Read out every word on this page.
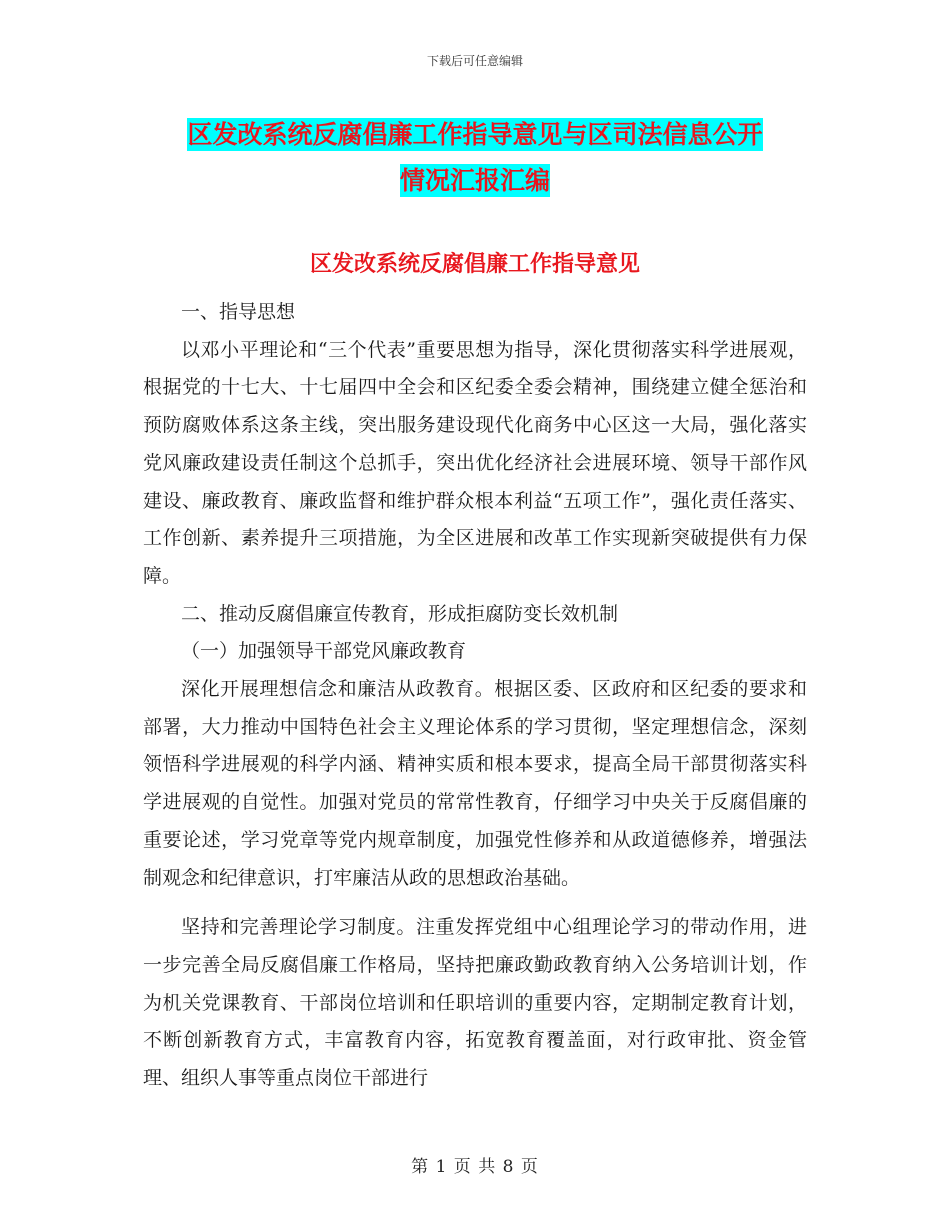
下载后可任意编辑
区发改系统反腐倡廉工作指导意见与区司法信息公开
情况汇报汇编
区发改系统反腐倡廉工作指导意见

一、指导思想

以邓小平理论和“三个代表”重要思想为指导，深化贯彻落实科学进展观，根据党的十七大、十七届四中全会和区纪委全委会精神，围绕建立健全惩治和预防腐败体系这条主线，突出服务建设现代化商务中心区这一大局，强化落实党风廉政建设责任制这个总抓手，突出优化经济社会进展环境、领导干部作风建设、廉政教育、廉政监督和维护群众根本利益“五项工作”，强化责任落实、工作创新、素养提升三项措施，为全区进展和改革工作实现新突破提供有力保障。

二、推动反腐倡廉宣传教育，形成拒腐防变长效机制

（一）加强领导干部党风廉政教育

深化开展理想信念和廉洁从政教育。根据区委、区政府和区纪委的要求和部署，大力推动中国特色社会主义理论体系的学习贯彻，坚定理想信念，深刻领悟科学进展观的科学内涵、精神实质和根本要求，提高全局干部贯彻落实科学进展观的自觉性。加强对党员的常常性教育，仔细学习中央关于反腐倡廉的重要论述，学习党章等党内规章制度，加强党性修养和从政道德修养，增强法制观念和纪律意识，打牢廉洁从政的思想政治基础。

坚持和完善理论学习制度。注重发挥党组中心组理论学习的带动作用，进一步完善全局反腐倡廉工作格局，坚持把廉政勤政教育纳入公务培训计划，作为机关党课教育、干部岗位培训和任职培训的重要内容，定期制定教育计划，不断创新教育方式，丰富教育内容，拓宽教育覆盖面，对行政审批、资金管理、组织人事等重点岗位干部进行

第 1 页 共 8 页
